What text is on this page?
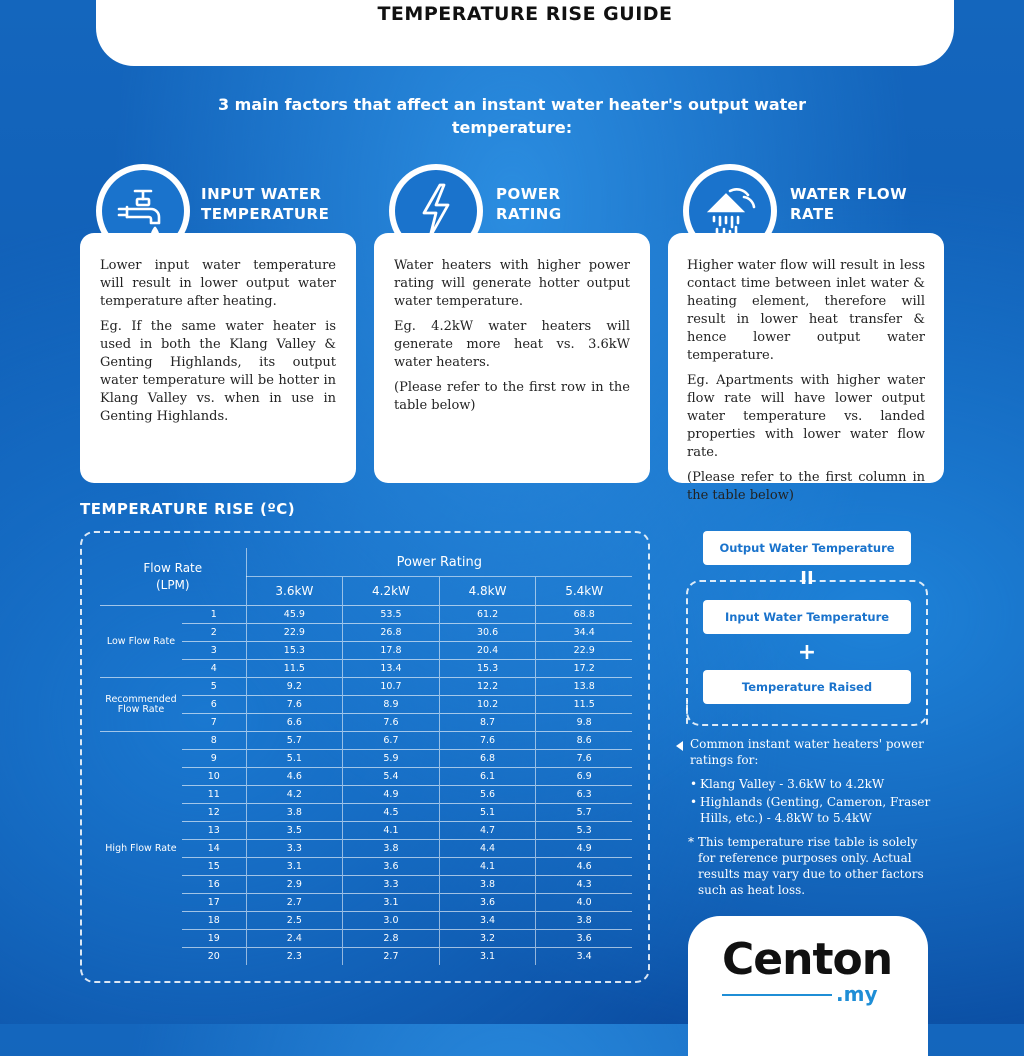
TEMPERATURE RISE GUIDE
3 main factors that affect an instant water heater's output water temperature:
INPUT WATER
TEMPERATURE

Lower input water temperature will result in lower output water temperature after heating.

Eg. If the same water heater is used in both the Klang Valley & Genting Highlands, its output water temperature will be hotter in Klang Valley vs. when in use in Genting Highlands.

POWER
RATING

Water heaters with higher power rating will generate hotter output water temperature.

Eg. 4.2kW water heaters will generate more heat vs. 3.6kW water heaters.

(Please refer to the first row in the table below)

WATER FLOW
RATE

Higher water flow will result in less contact time between inlet water & heating element, therefore will result in lower heat transfer & hence lower output water temperature.

Eg. Apartments with higher water flow rate will have lower output water temperature vs. landed properties with lower water flow rate.

(Please refer to the first column in the table below)

TEMPERATURE RISE (ºC)
Flow Rate
(LPM)		Power Rating			
		3.6kW	4.2kW	4.8kW	5.4kW
Low Flow Rate	1	45.9	53.5	61.2	68.8
	2	22.9	26.8	30.6	34.4
	3	15.3	17.8	20.4	22.9
	4	11.5	13.4	15.3	17.2
Recommended Flow Rate	5	9.2	10.7	12.2	13.8
	6	7.6	8.9	10.2	11.5
	7	6.6	7.6	8.7	9.8
High Flow Rate	8	5.7	6.7	7.6	8.6
	9	5.1	5.9	6.8	7.6
	10	4.6	5.4	6.1	6.9
	11	4.2	4.9	5.6	6.3
	12	3.8	4.5	5.1	5.7
	13	3.5	4.1	4.7	5.3
	14	3.3	3.8	4.4	4.9
	15	3.1	3.6	4.1	4.6
	16	2.9	3.3	3.8	4.3
	17	2.7	3.1	3.6	4.0
	18	2.5	3.0	3.4	3.8
	19	2.4	2.8	3.2	3.6
	20	2.3	2.7	3.1	3.4
Output Water Temperature
II
Input Water Temperature
+
Temperature Raised
Common instant water heaters' power ratings for:
• Klang Valley - 3.6kW to 4.2kW
• Highlands (Genting, Cameron, Fraser Hills, etc.) - 4.8kW to 5.4kW
* This temperature rise table is solely for reference purposes only. Actual results may vary due to other factors such as heat loss.
Centon
.my
